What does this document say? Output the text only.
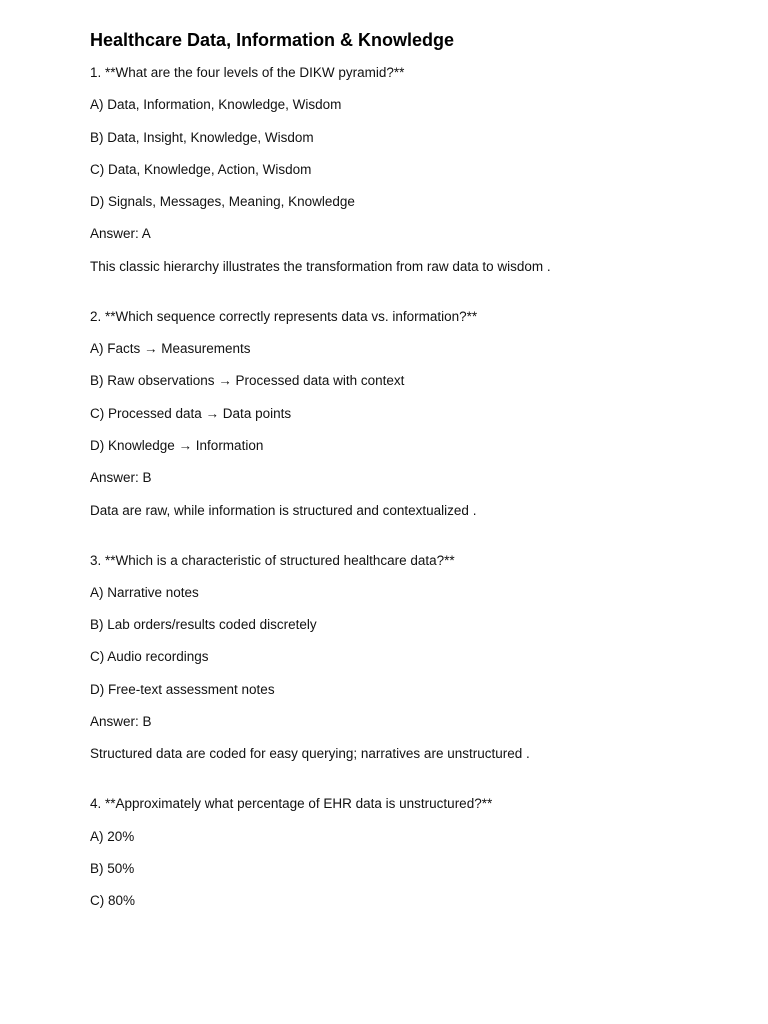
Healthcare Data, Information & Knowledge
1. **What are the four levels of the DIKW pyramid?**
A) Data, Information, Knowledge, Wisdom
B) Data, Insight, Knowledge, Wisdom
C) Data, Knowledge, Action, Wisdom
D) Signals, Messages, Meaning, Knowledge
Answer: A
This classic hierarchy illustrates the transformation from raw data to wisdom .
2. **Which sequence correctly represents data vs. information?**
A) Facts → Measurements
B) Raw observations → Processed data with context
C) Processed data → Data points
D) Knowledge → Information
Answer: B
Data are raw, while information is structured and contextualized .
3. **Which is a characteristic of structured healthcare data?**
A) Narrative notes
B) Lab orders/results coded discretely
C) Audio recordings
D) Free-text assessment notes
Answer: B
Structured data are coded for easy querying; narratives are unstructured .
4. **Approximately what percentage of EHR data is unstructured?**
A) 20%
B) 50%
C) 80%
